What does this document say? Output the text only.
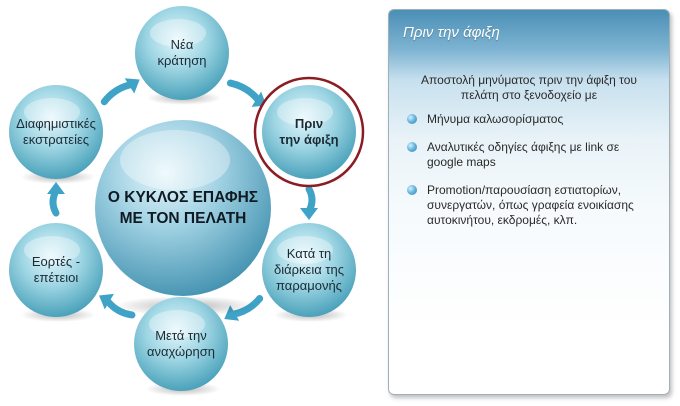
Ο ΚΥΚΛΟΣ ΕΠΑΦΗΣ
ΜΕ ΤΟΝ ΠΕΛΑΤΗ
Νέα
κράτηση
Πριν
την άφιξη
Κατά τη
διάρκεια της
παραμονής
Μετά την
αναχώρηση
Εορτές -
επέτειοι
Διαφημιστικές
εκστρατείες
Πριν την άφιξη
Αποστολή μηνύματος πριν την άφιξη του πελάτη στο ξενοδοχείο με
Μήνυμα καλωσορίσματος
Αναλυτικές οδηγίες άφιξης με link σε google maps
Promotion/παρουσίαση εστιατορίων, συνεργατών, όπως γραφεία ενοικίασης αυτοκινήτου, εκδρομές, κλπ.
